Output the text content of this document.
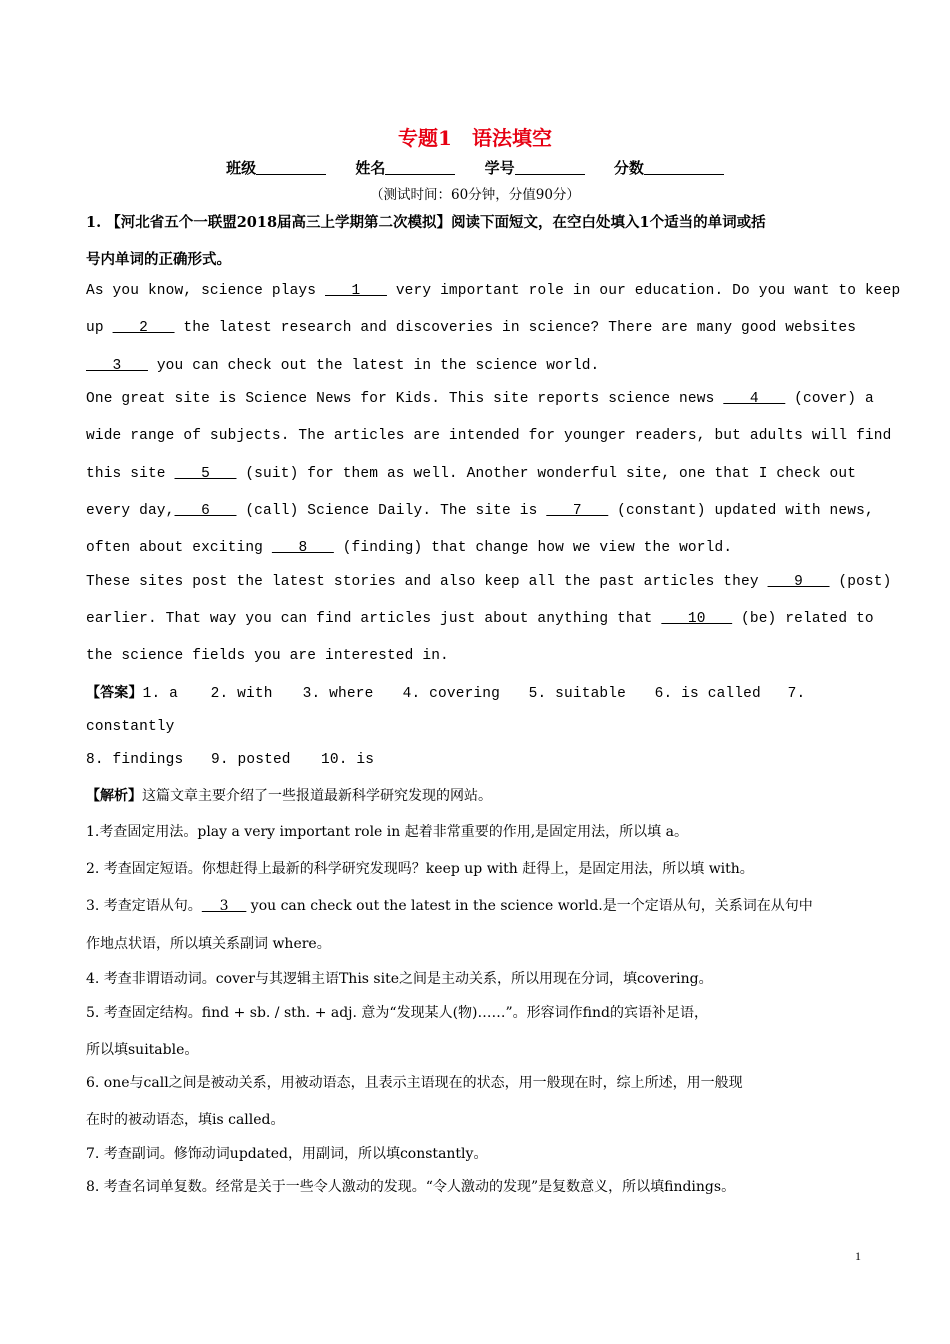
专题1　语法填空
班级	姓名	学号	分数
（测试时间：60分钟，分值90分）
1. 【河北省五个一联盟2018届高三上学期第二次模拟】阅读下面短文，在空白处填入1个适当的单词或括
号内单词的正确形式。
As you know, science plays    1    very important role in our education. Do you want to keep
up    2    the latest research and discoveries in science? There are many good websites
3    you can check out the latest in the science world.
One great site is Science News for Kids. This site reports science news    4    (cover) a
wide range of subjects. The articles are intended for younger readers, but adults will find
this site    5    (suit) for them as well. Another wonderful site, one that I check out
every day,   6    (call) Science Daily. The site is    7    (constant) updated with news,
often about exciting    8    (finding) that change how we view the world.
These sites post the latest stories and also keep all the past articles they    9    (post)
earlier. That way you can find articles just about anything that    10    (be) related to
the science fields you are interested in.
【答案】1. a 2. with 3. where 4. covering 5. suitable 6. is called 7.
constantly
8. findings 9. posted 10. is
【解析】这篇文章主要介绍了一些报道最新科学研究发现的网站。
1.考查固定用法。play a very important role in 起着非常重要的作用,是固定用法，所以填 a。
2. 考查固定短语。你想赶得上最新的科学研究发现吗？keep up with 赶得上，是固定用法，所以填 with。
3. 考查定语从句。    3     you can check out the latest in the science world.是一个定语从句，关系词在从句中
作地点状语，所以填关系副词 where。
4. 考查非谓语动词。cover与其逻辑主语This site之间是主动关系，所以用现在分词，填covering。
5. 考查固定结构。find + sb. / sth. + adj. 意为“发现某人(物)……”。形容词作find的宾语补足语，
所以填suitable。
6. one与call之间是被动关系，用被动语态，且表示主语现在的状态，用一般现在时，综上所述，用一般现
在时的被动语态，填is called。
7. 考查副词。修饰动词updated，用副词，所以填constantly。
8. 考查名词单复数。经常是关于一些令人激动的发现。“令人激动的发现”是复数意义，所以填findings。
1
